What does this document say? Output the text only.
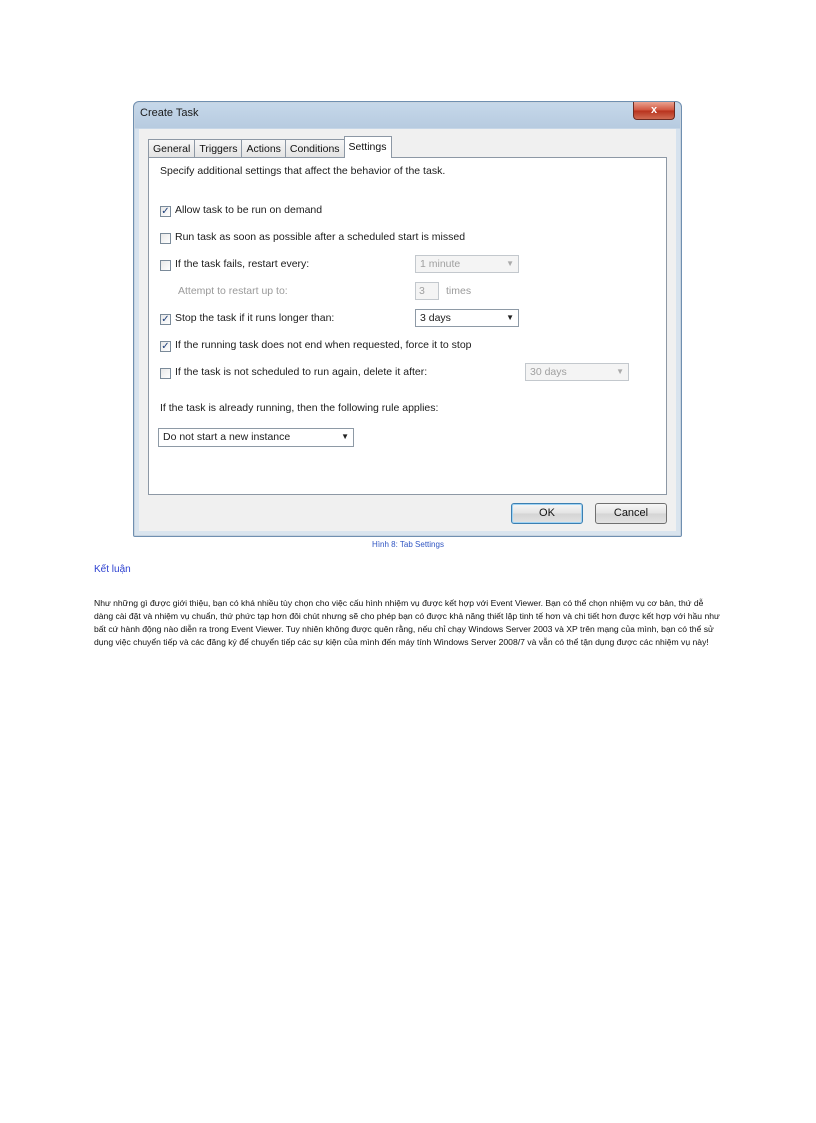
Create Task	x
General Triggers Actions Conditions Settings
Specify additional settings that affect the behavior of the task.
✓ Allow task to be run on demand
Run task as soon as possible after a scheduled start is missed
If the task fails, restart every:	1 minute	▼
Attempt to restart up to:	3	times
✓ Stop the task if it runs longer than:	3 days	▼
✓ If the running task does not end when requested, force it to stop
If the task is not scheduled to run again, delete it after:	30 days	▼
If the task is already running, then the following rule applies:
Do not start a new instance	▼
OK	Cancel
Hình 8: Tab Settings
Kết luận
Như những gì được giới thiệu, bạn có khá nhiều tùy chọn cho việc cấu hình nhiệm vụ được kết hợp với Event Viewer. Bạn có thể chọn nhiệm vụ cơ bản, thứ dễ dàng cài đặt và nhiệm vụ chuẩn, thứ phức tạp hơn đôi chút nhưng sẽ cho phép bạn có được khả năng thiết lập tinh tế hơn và chi tiết hơn được kết hợp với hầu như bất cứ hành động nào diễn ra trong Event Viewer. Tuy nhiên không được quên rằng, nếu chỉ chạy Windows Server 2003 và XP trên mạng của mình, bạn có thể sử dụng việc chuyển tiếp và các đăng ký để chuyển tiếp các sự kiện của mình đến máy tính Windows Server 2008/7 và vẫn có thể tận dụng được các nhiệm vụ này!
